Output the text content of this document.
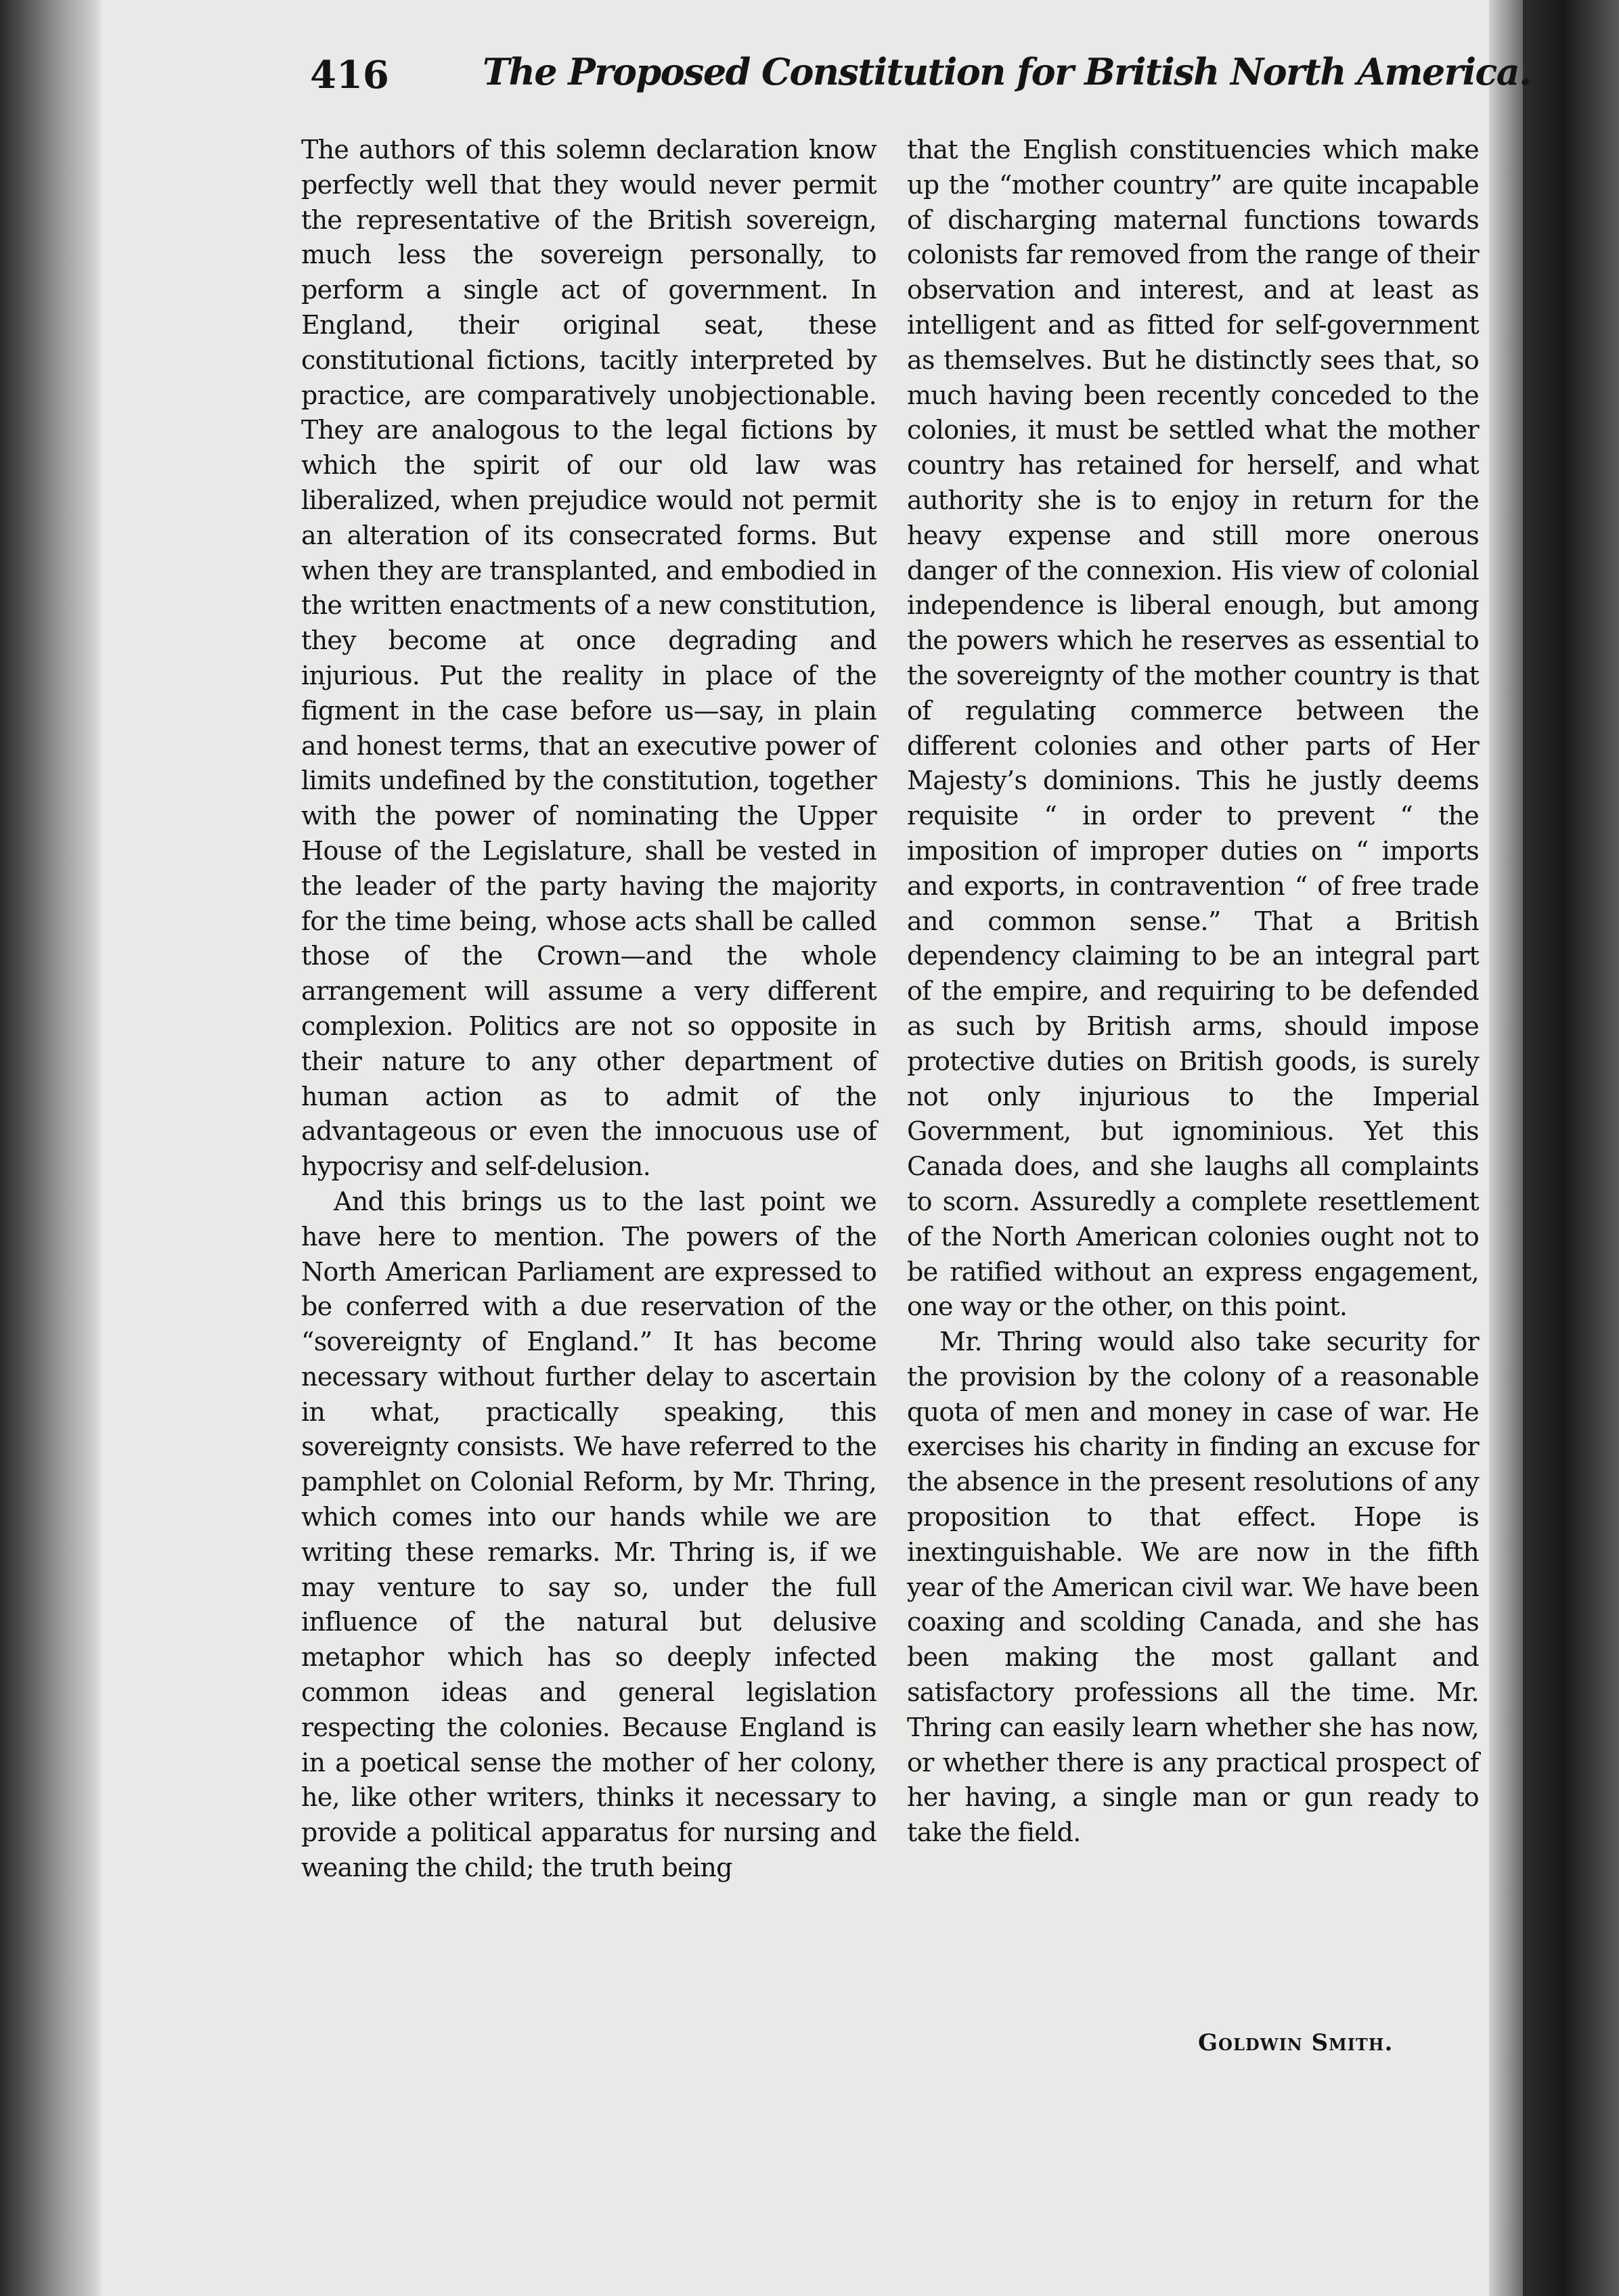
416	The Proposed Constitution for British North America.

The authors of this solemn declaration know perfectly well that they would never permit the representative of the British sovereign, much less the sovereign personally, to perform a single act of government. In England, their original seat, these constitutional fictions, tacitly interpreted by practice, are comparatively unobjectionable. They are analogous to the legal fictions by which the spirit of our old law was liberalized, when prejudice would not permit an alteration of its consecrated forms. But when they are transplanted, and embodied in the written enactments of a new constitution, they become at once degrading and injurious. Put the reality in place of the figment in the case before us—say, in plain and honest terms, that an executive power of limits undefined by the constitution, together with the power of nominating the Upper House of the Legislature, shall be vested in the leader of the party having the majority for the time being, whose acts shall be called those of the Crown—and the whole arrangement will assume a very different complexion. Politics are not so opposite in their nature to any other department of human action as to admit of the advantageous or even the innocuous use of hypocrisy and self-delusion.

And this brings us to the last point we have here to mention. The powers of the North American Parliament are expressed to be conferred with a due reservation of the “sovereignty of England.” It has become necessary without further delay to ascertain in what, practically speaking, this sovereignty consists. We have referred to the pamphlet on Colonial Reform, by Mr. Thring, which comes into our hands while we are writing these remarks. Mr. Thring is, if we may venture to say so, under the full influence of the natural but delusive metaphor which has so deeply infected common ideas and general legislation respecting the colonies. Because England is in a poetical sense the mother of her colony, he, like other writers, thinks it necessary to provide a political apparatus for nursing and weaning the child; the truth being

that the English constituencies which make up the “mother country” are quite incapable of discharging maternal functions towards colonists far removed from the range of their observation and interest, and at least as intelligent and as fitted for self-government as themselves. But he distinctly sees that, so much having been recently conceded to the colonies, it must be settled what the mother country has retained for herself, and what authority she is to enjoy in return for the heavy expense and still more onerous danger of the connexion. His view of colonial independence is liberal enough, but among the powers which he reserves as essential to the sovereignty of the mother country is that of regulating commerce between the different colonies and other parts of Her Majesty’s dominions. This he justly deems requisite “ in order to prevent “ the imposition of improper duties on “ imports and exports, in contravention “ of free trade and common sense.” That a British dependency claiming to be an integral part of the empire, and requiring to be defended as such by British arms, should impose protective duties on British goods, is surely not only injurious to the Imperial Government, but ignominious. Yet this Canada does, and she laughs all complaints to scorn. Assuredly a complete resettlement of the North American colonies ought not to be ratified without an express engagement, one way or the other, on this point.

Mr. Thring would also take security for the provision by the colony of a reasonable quota of men and money in case of war. He exercises his charity in finding an excuse for the absence in the present resolutions of any proposition to that effect. Hope is inextinguishable. We are now in the fifth year of the American civil war. We have been coaxing and scolding Canada, and she has been making the most gallant and satisfactory professions all the time. Mr. Thring can easily learn whether she has now, or whether there is any practical prospect of her having, a single man or gun ready to take the field.

Goldwin Smith.
